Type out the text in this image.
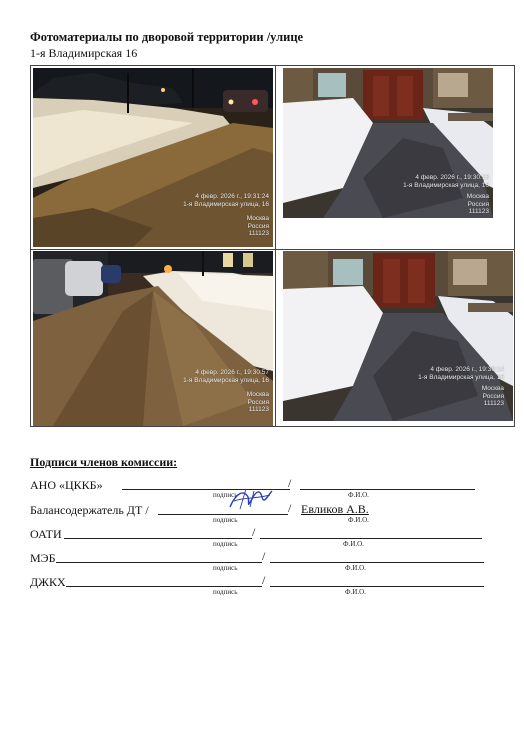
Фотоматериалы по дворовой территории /улице
1-я Владимирская 16
4 февр. 2026 г., 19:31:24
1-я Владимирская улица, 16
Москва
Россия
111123
4 февр. 2026 г., 19:30:13
1-я Владимирская улица, 16
Москва
Россия
111123
4 февр. 2026 г., 19:30:57
1-я Владимирская улица, 16
Москва
Россия
111123
4 февр. 2026 г., 19:30:14
1-я Владимирская улица, 16
Москва
Россия
111123
Подписи членов комиссии:
АНО «ЦККБ»	/
подпись	Ф.И.О.
Балансодержатель ДТ /	/ Евликов А.В.
подпись	Ф.И.О.
ОАТИ	/
подпись	Ф.И.О.
МЭБ	/
подпись	Ф.И.О.
ДЖКХ	/
подпись	Ф.И.О.
